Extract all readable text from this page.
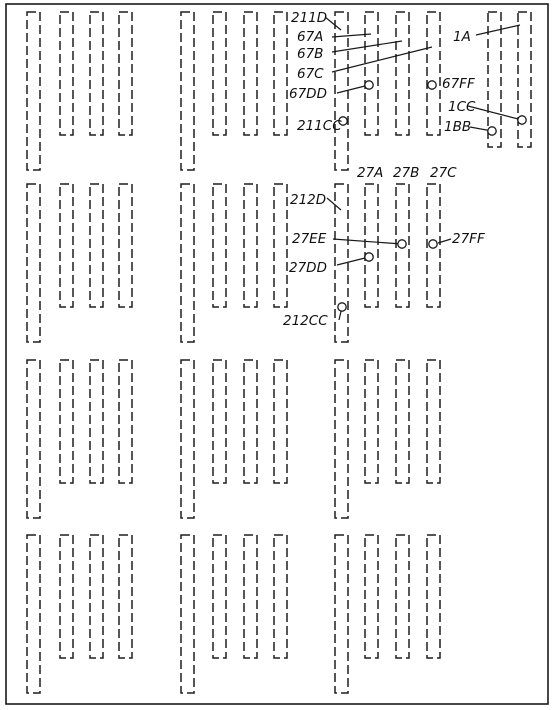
211D
67A
67B
67C
67DD
67FF
211CC
1A
1CC
1BB
27A 27B 27C
212D
27EE	27FF
27DD
212CC
